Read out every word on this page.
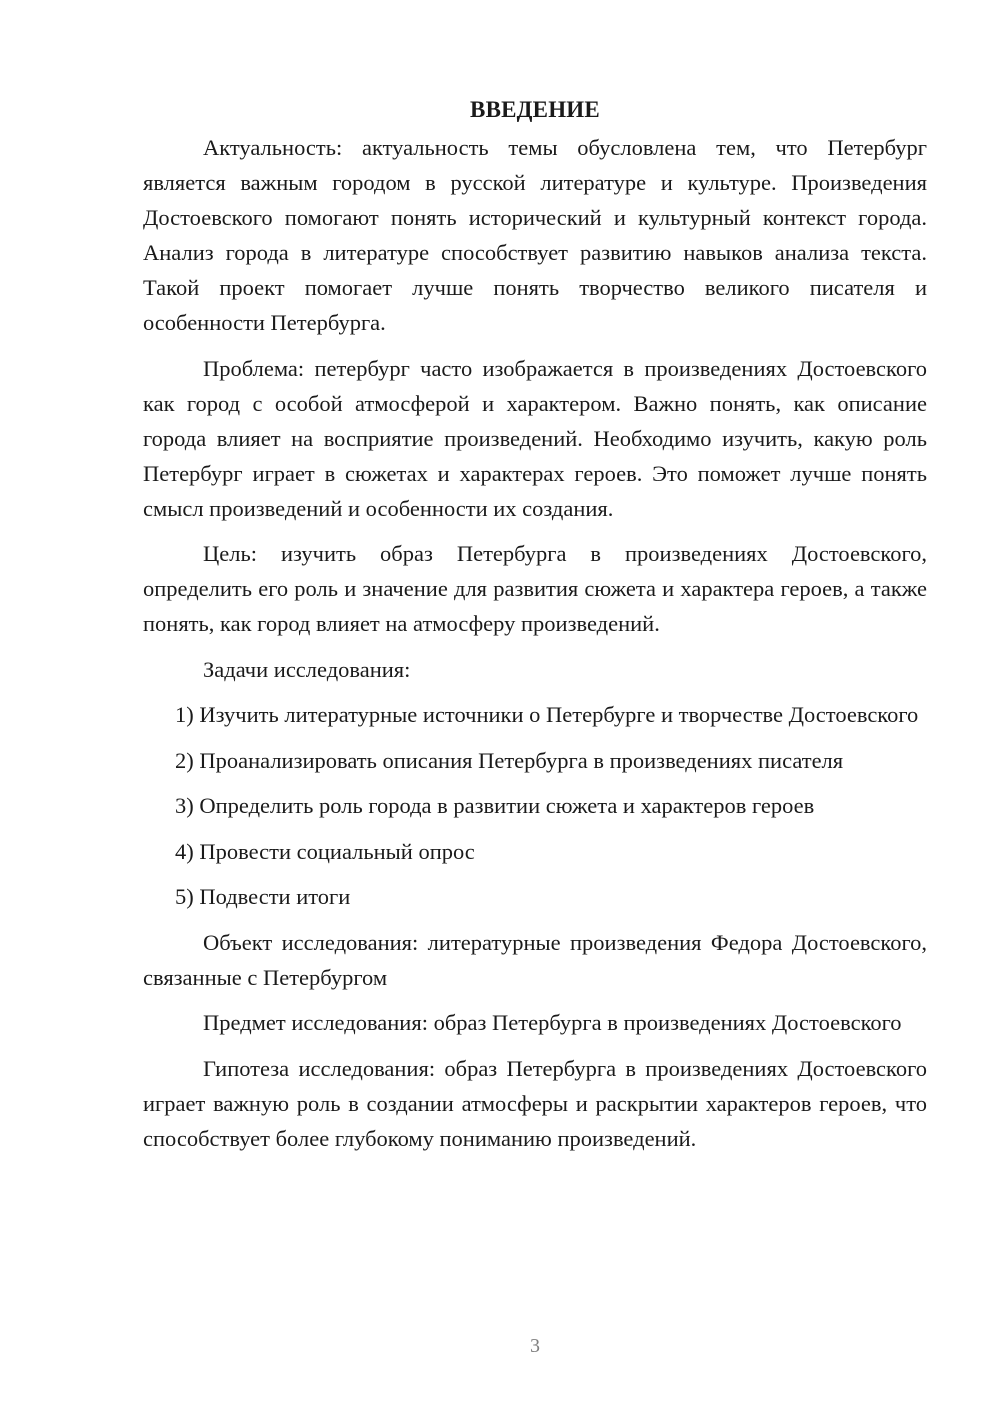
ВВЕДЕНИЕ

Актуальность: актуальность темы обусловлена тем, что Петербург является важным городом в русской литературе и культуре. Произведения Достоевского помогают понять исторический и культурный контекст города. Анализ города в литературе способствует развитию навыков анализа текста. Такой проект помогает лучше понять творчество великого писателя и особенности Петербурга.

Проблема: петербург часто изображается в произведениях Достоевского как город с особой атмосферой и характером. Важно понять, как описание города влияет на восприятие произведений. Необходимо изучить, какую роль Петербург играет в сюжетах и характерах героев. Это поможет лучше понять смысл произведений и особенности их создания.

Цель: изучить образ Петербурга в произведениях Достоевского, определить его роль и значение для развития сюжета и характера героев, а также понять, как город влияет на атмосферу произведений.

Задачи исследования:

1) Изучить литературные источники о Петербурге и творчестве Достоевского

2) Проанализировать описания Петербурга в произведениях писателя

3) Определить роль города в развитии сюжета и характеров героев

4) Провести социальный опрос

5) Подвести итоги

Объект исследования: литературные произведения Федора Достоевского, связанные с Петербургом

Предмет исследования: образ Петербурга в произведениях Достоевского

Гипотеза исследования: образ Петербурга в произведениях Достоевского играет важную роль в создании атмосферы и раскрытии характеров героев, что способствует более глубокому пониманию произведений.

3
